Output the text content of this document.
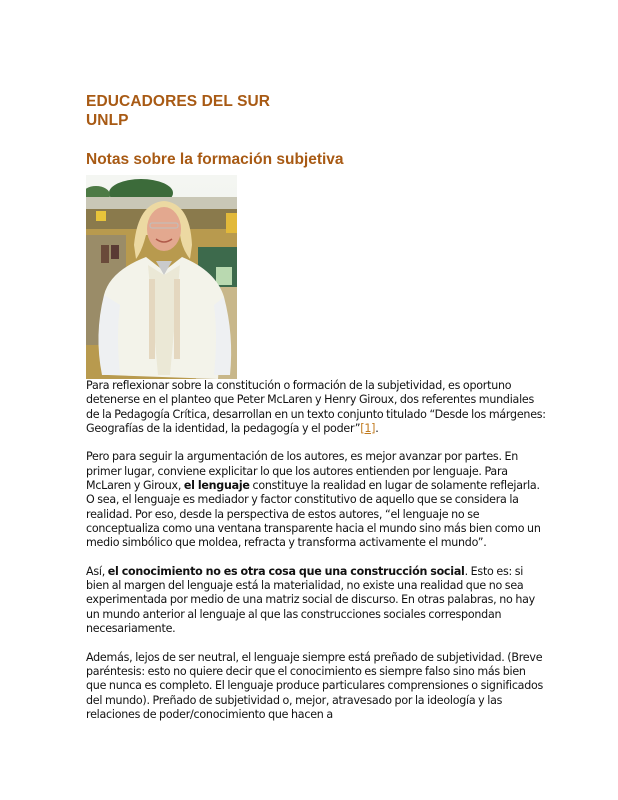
EDUCADORES DEL SUR
UNLP
Notas sobre la formación subjetiva

Para reflexionar sobre la constitución o formación de la subjetividad, es oportuno detenerse en el planteo que Peter McLaren y Henry Giroux, dos referentes mundiales de la Pedagogía Crítica, desarrollan en un texto conjunto titulado “Desde los márgenes: Geografías de la identidad, la pedagogía y el poder”[1].

Pero para seguir la argumentación de los autores, es mejor avanzar por partes. En primer lugar, conviene explicitar lo que los autores entienden por lenguaje. Para McLaren y Giroux, el lenguaje constituye la realidad en lugar de solamente reflejarla. O sea, el lenguaje es mediador y factor constitutivo de aquello que se considera la realidad. Por eso, desde la perspectiva de estos autores, “el lenguaje no se conceptualiza como una ventana transparente hacia el mundo sino más bien como un medio simbólico que moldea, refracta y transforma activamente el mundo”.

Así, el conocimiento no es otra cosa que una construcción social. Esto es: si bien al margen del lenguaje está la materialidad, no existe una realidad que no sea experimentada por medio de una matriz social de discurso. En otras palabras, no hay un mundo anterior al lenguaje al que las construcciones sociales correspondan necesariamente.

Además, lejos de ser neutral, el lenguaje siempre está preñado de subjetividad. (Breve paréntesis: esto no quiere decir que el conocimiento es siempre falso sino más bien que nunca es completo. El lenguaje produce particulares comprensiones o significados del mundo). Preñado de subjetividad o, mejor, atravesado por la ideología y las relaciones de poder/conocimiento que hacen a
